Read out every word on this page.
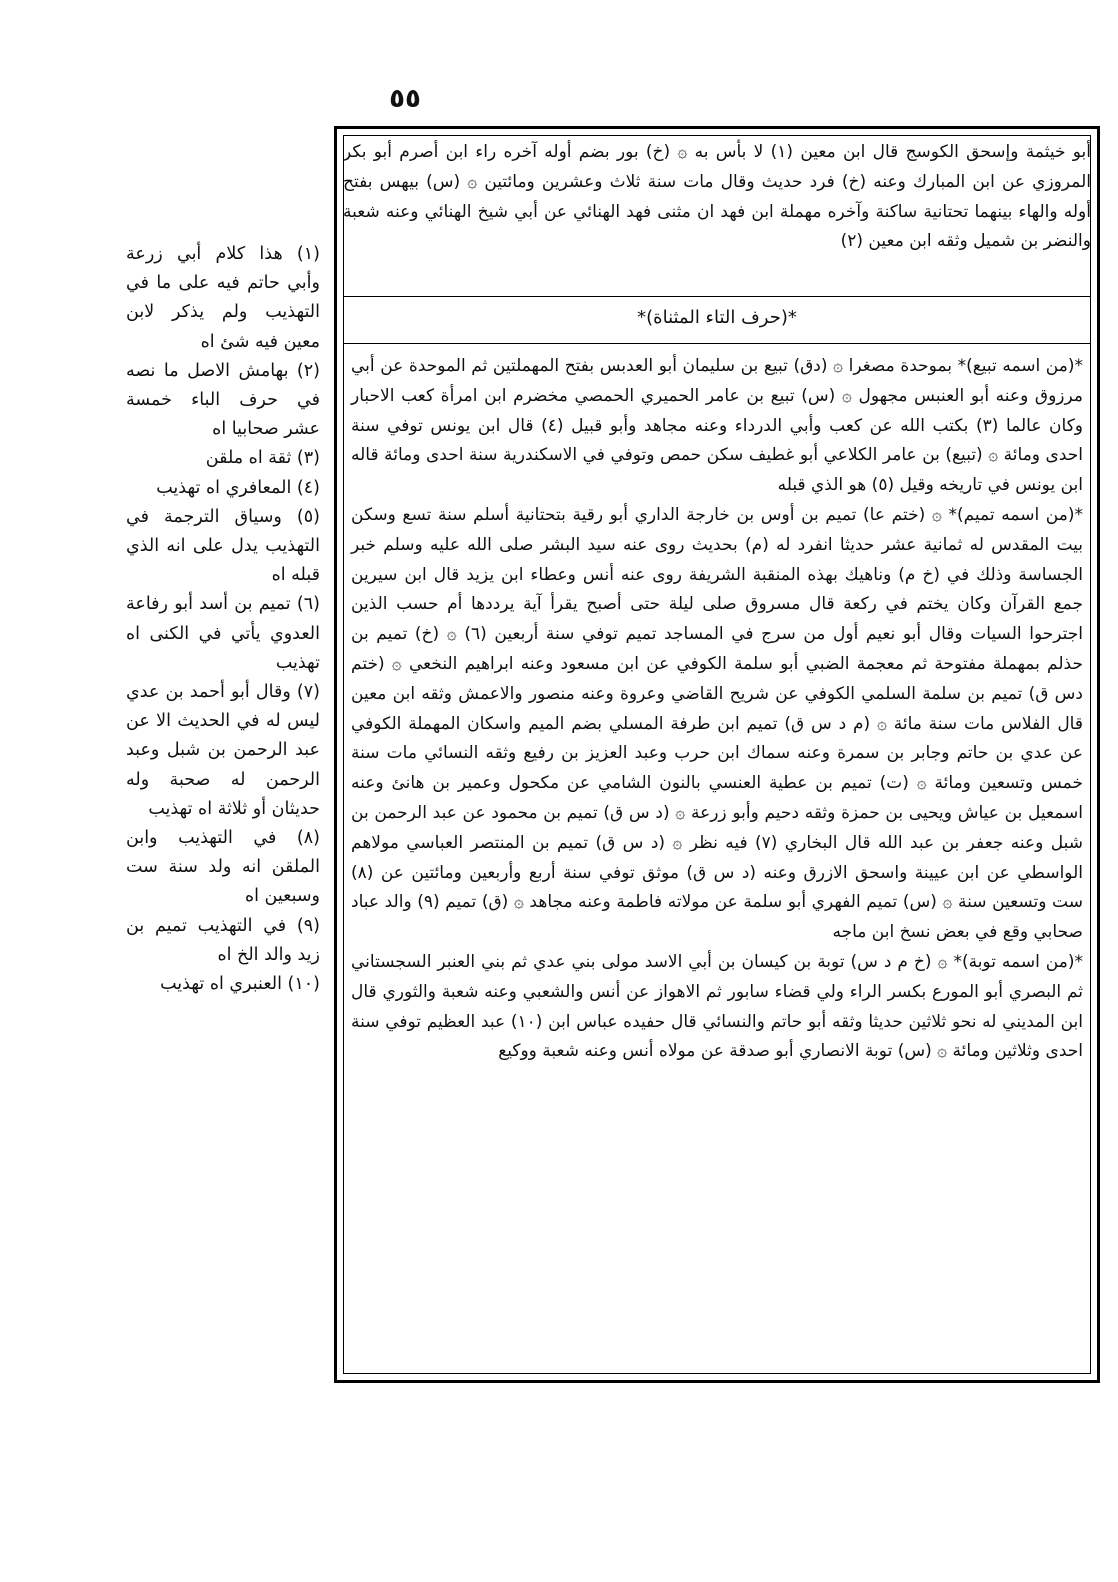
٥٥
أبو خيثمة وإسحق الكوسج قال ابن معين (١) لا بأس به ۞ (خ) بور بضم أوله آخره راء ابن أصرم أبو بكر المروزي عن ابن المبارك وعنه (خ) فرد حديث وقال مات سنة ثلاث وعشرين ومائتين ۞ (س) بيهس بفتح أوله والهاء بينهما تحتانية ساكنة وآخره مهملة ابن فهد ان مثنى فهد الهنائي عن أبي شيخ الهنائي وعنه شعبة والنضر بن شميل وثقه ابن معين (٢)
*(حرف التاء المثناة)*

*(من اسمه تبيع)* بموحدة مصغرا ۞ (دق) تبيع بن سليمان أبو العدبس بفتح المهملتين ثم الموحدة عن أبي مرزوق وعنه أبو العنبس مجهول ۞ (س) تبيع بن عامر الحميري الحمصي مخضرم ابن امرأة كعب الاحبار وكان عالما (٣) بكتب الله عن كعب وأبي الدرداء وعنه مجاهد وأبو قبيل (٤) قال ابن يونس توفي سنة احدى ومائة ۞ (تبيع) بن عامر الكلاعي أبو غطيف سكن حمص وتوفي في الاسكندرية سنة احدى ومائة قاله ابن يونس في تاريخه وقيل (٥) هو الذي قبله

*(من اسمه تميم)* ۞ (ختم عا) تميم بن أوس بن خارجة الداري أبو رقية بتحتانية أسلم سنة تسع وسكن بيت المقدس له ثمانية عشر حديثا انفرد له (م) بحديث روى عنه سيد البشر صلى الله عليه وسلم خبر الجساسة وذلك في (خ م) وناهيك بهذه المنقبة الشريفة روى عنه أنس وعطاء ابن يزيد قال ابن سيرين جمع القرآن وكان يختم في ركعة قال مسروق صلى ليلة حتى أصبح يقرأ آية يرددها أم حسب الذين اجترحوا السيات وقال أبو نعيم أول من سرج في المساجد تميم توفي سنة أربعين (٦) ۞ (خ) تميم بن حذلم بمهملة مفتوحة ثم معجمة الضبي أبو سلمة الكوفي عن ابن مسعود وعنه ابراهيم النخعي ۞ (ختم دس ق) تميم بن سلمة السلمي الكوفي عن شريح القاضي وعروة وعنه منصور والاعمش وثقه ابن معين قال الفلاس مات سنة مائة ۞ (م د س ق) تميم ابن طرفة المسلي بضم الميم واسكان المهملة الكوفي عن عدي بن حاتم وجابر بن سمرة وعنه سماك ابن حرب وعبد العزيز بن رفيع وثقه النسائي مات سنة خمس وتسعين ومائة ۞ (ت) تميم بن عطية العنسي بالنون الشامي عن مكحول وعمير بن هانئ وعنه اسمعيل بن عياش ويحيى بن حمزة وثقه دحيم وأبو زرعة ۞ (د س ق) تميم بن محمود عن عبد الرحمن بن شبل وعنه جعفر بن عبد الله قال البخاري (٧) فيه نظر ۞ (د س ق) تميم بن المنتصر العباسي مولاهم الواسطي عن ابن عيينة واسحق الازرق وعنه (د س ق) موثق توفي سنة أربع وأربعين ومائتين عن (٨) ست وتسعين سنة ۞ (س) تميم الفهري أبو سلمة عن مولاته فاطمة وعنه مجاهد ۞ (ق) تميم (٩) والد عباد صحابي وقع في بعض نسخ ابن ماجه

*(من اسمه توبة)* ۞ (خ م د س) توبة بن كيسان بن أبي الاسد مولى بني عدي ثم بني العنبر السجستاني ثم البصري أبو المورع بكسر الراء ولي قضاء سابور ثم الاهواز عن أنس والشعبي وعنه شعبة والثوري قال ابن المديني له نحو ثلاثين حديثا وثقه أبو حاتم والنسائي قال حفيده عباس ابن (١٠) عبد العظيم توفي سنة احدى وثلاثين ومائة ۞ (س) توبة الانصاري أبو صدقة عن مولاه أنس وعنه شعبة ووكيع

(١) هذا كلام أبي زرعة وأبي حاتم فيه على ما في التهذيب ولم يذكر لابن معين فيه شئ اه

(٢) بهامش الاصل ما نصه في حرف الباء خمسة عشر صحابيا اه

(٣) ثقة اه ملقن

(٤) المعافري اه تهذيب

(٥) وسياق الترجمة في التهذيب يدل على انه الذي قبله اه

(٦) تميم بن أسد أبو رفاعة العدوي يأتي في الكنى اه تهذيب

(٧) وقال أبو أحمد بن عدي ليس له في الحديث الا عن عبد الرحمن بن شبل وعبد الرحمن له صحبة وله حديثان أو ثلاثة اه تهذيب

(٨) في التهذيب وابن الملقن انه ولد سنة ست وسبعين اه

(٩) في التهذيب تميم بن زيد والد الخ اه

(١٠) العنبري اه تهذيب
